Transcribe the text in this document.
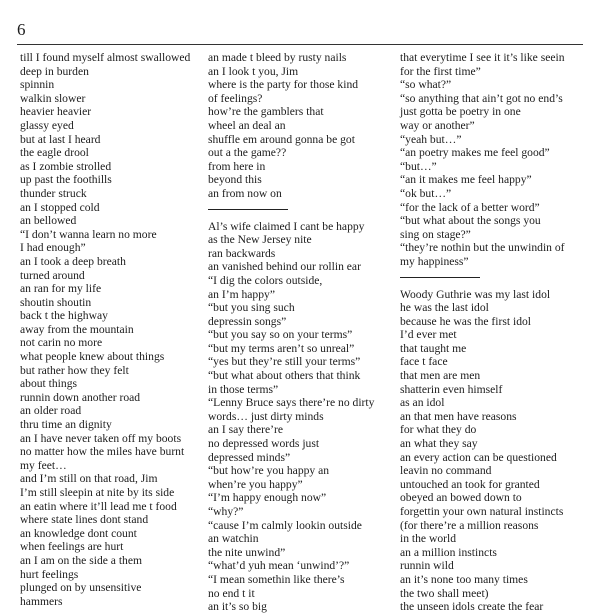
6
till I found myself almost swallowed
deep in burden
spinnin
walkin slower
heavier heavier
glassy eyed
but at last I heard
the eagle drool
as I zombie strolled
up past the foothills
thunder struck
an I stopped cold
an bellowed
“I don’t wanna learn no more
I had enough”
an I took a deep breath
turned around
an ran for my life
shoutin shoutin
back t the highway
away from the mountain
not carin no more
what people knew about things
but rather how they felt
about things
runnin down another road
an older road
thru time an dignity
an I have never taken off my boots
no matter how the miles have burnt
my feet…
and I’m still on that road, Jim
I’m still sleepin at nite by its side
an eatin where it’ll lead me t food
where state lines dont stand
an knowledge dont count
when feelings are hurt
an I am on the side a them
hurt feelings
plunged on by unsensitive
hammers
an made t bleed by rusty nails
an I look t you, Jim
where is the party for those kind
of feelings?
how’re the gamblers that
wheel an deal an
shuffle em around gonna be got
out a the game??
from here in
beyond this
an from now on
Al’s wife claimed I cant be happy
as the New Jersey nite
ran backwards
an vanished behind our rollin ear
“I dig the colors outside,
an I’m happy”
“but you sing such
depressin songs”
“but you say so on your terms”
“but my terms aren’t so unreal”
“yes but they’re still your terms”
“but what about others that think
in those terms”
“Lenny Bruce says there’re no dirty
words… just dirty minds
an I say there’re
no depressed words just
depressed minds”
“but how’re you happy an
when’re you happy”
“I’m happy enough now”
“why?”
“cause I’m calmly lookin outside
an watchin
the nite unwind”
“what’d yuh mean ‘unwind’?”
“I mean somethin like there’s
no end t it
an it’s so big
that everytime I see it it’s like seein
for the first time”
“so what?”
“so anything that ain’t got no end’s
just gotta be poetry in one
way or another”
“yeah but…”
“an poetry makes me feel good”
“but…”
“an it makes me feel happy”
“ok but…”
“for the lack of a better word”
“but what about the songs you
sing on stage?”
“they’re nothin but the unwindin of
my happiness”
Woody Guthrie was my last idol
he was the last idol
because he was the first idol
I’d ever met
that taught me
face t face
that men are men
shatterin even himself
as an idol
an that men have reasons
for what they do
an what they say
an every action can be questioned
leavin no command
untouched an took for granted
obeyed an bowed down to
forgettin your own natural instincts
(for there’re a million reasons
in the world
an a million instincts
runnin wild
an it’s none too many times
the two shall meet)
the unseen idols create the fear
